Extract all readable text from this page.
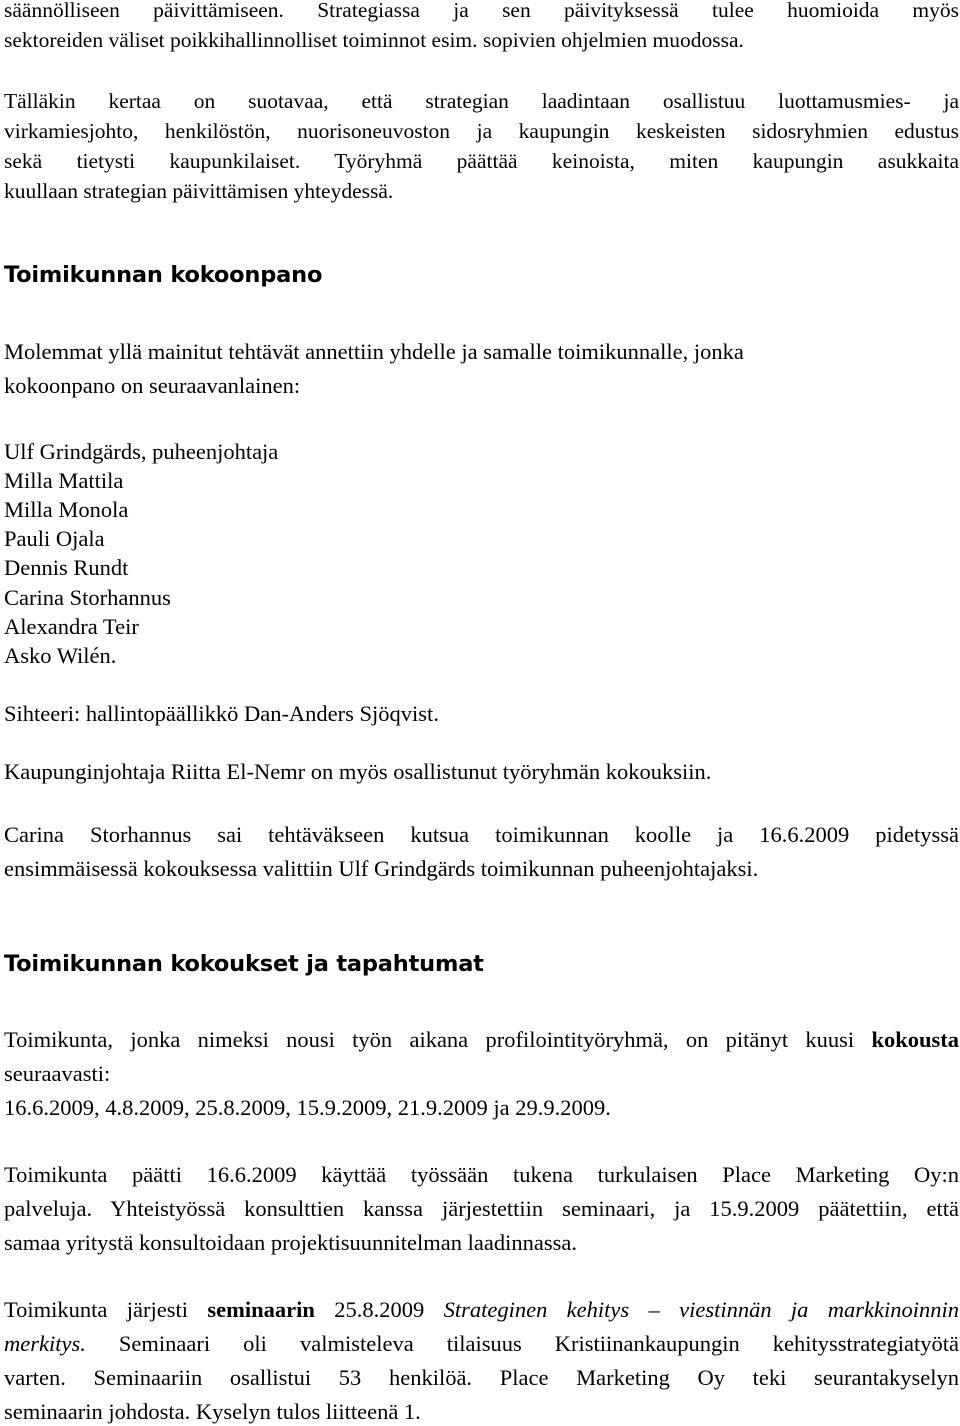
säännölliseen päivittämiseen. Strategiassa ja sen päivityksessä tulee huomioida myös
sektoreiden väliset poikkihallinnolliset toiminnot esim. sopivien ohjelmien muodossa.
Tälläkin kertaa on suotavaa, että strategian laadintaan osallistuu luottamusmies- ja
virkamiesjohto, henkilöstön, nuorisoneuvoston ja kaupungin keskeisten sidosryhmien edustus
sekä tietysti kaupunkilaiset. Työryhmä päättää keinoista, miten kaupungin asukkaita
kuullaan strategian päivittämisen yhteydessä.
Toimikunnan kokoonpano
Molemmat yllä mainitut tehtävät annettiin yhdelle ja samalle toimikunnalle, jonka
kokoonpano on seuraavanlainen:
Ulf Grindgärds, puheenjohtaja
Milla Mattila
Milla Monola
Pauli Ojala
Dennis Rundt
Carina Storhannus
Alexandra Teir
Asko Wilén.
Sihteeri: hallintopäällikkö Dan-Anders Sjöqvist.
Kaupunginjohtaja Riitta El-Nemr on myös osallistunut työryhmän kokouksiin.
Carina Storhannus sai tehtäväkseen kutsua toimikunnan koolle ja 16.6.2009 pidetyssä
ensimmäisessä kokouksessa valittiin Ulf Grindgärds toimikunnan puheenjohtajaksi.
Toimikunnan kokoukset ja tapahtumat
Toimikunta, jonka nimeksi nousi työn aikana profilointityöryhmä, on pitänyt kuusi kokousta
seuraavasti:
16.6.2009, 4.8.2009, 25.8.2009, 15.9.2009, 21.9.2009 ja 29.9.2009.
Toimikunta päätti 16.6.2009 käyttää työssään tukena turkulaisen Place Marketing Oy:n
palveluja. Yhteistyössä konsulttien kanssa järjestettiin seminaari, ja 15.9.2009 päätettiin, että
samaa yritystä konsultoidaan projektisuunnitelman laadinnassa.
Toimikunta järjesti seminaarin 25.8.2009 Strateginen kehitys – viestinnän ja markkinoinnin
merkitys. Seminaari oli valmisteleva tilaisuus Kristiinankaupungin kehitysstrategiatyötä
varten. Seminaariin osallistui 53 henkilöä. Place Marketing Oy teki seurantakyselyn
seminaarin johdosta. Kyselyn tulos liitteenä 1.
